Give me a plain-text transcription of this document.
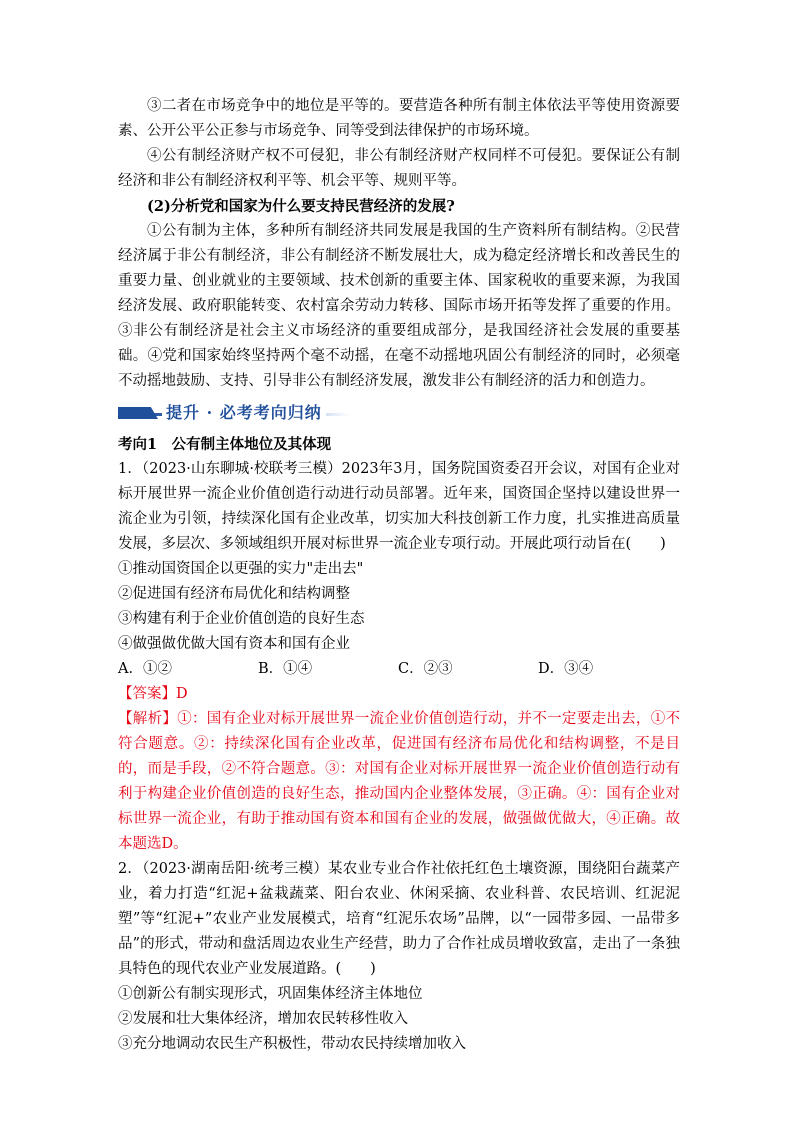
③二者在市场竞争中的地位是平等的。要营造各种所有制主体依法平等使用资源要素、公开公平公正参与市场竞争、同等受到法律保护的市场环境。

④公有制经济财产权不可侵犯，非公有制经济财产权同样不可侵犯。要保证公有制经济和非公有制经济权利平等、机会平等、规则平等。

(2)分析党和国家为什么要支持民营经济的发展?

①公有制为主体，多种所有制经济共同发展是我国的生产资料所有制结构。②民营经济属于非公有制经济，非公有制经济不断发展壮大，成为稳定经济增长和改善民生的重要力量、创业就业的主要领域、技术创新的重要主体、国家税收的重要来源，为我国经济发展、政府职能转变、农村富余劳动力转移、国际市场开拓等发挥了重要的作用。③非公有制经济是社会主义市场经济的重要组成部分，是我国经济社会发展的重要基础。④党和国家始终坚持两个毫不动摇，在毫不动摇地巩固公有制经济的同时，必须毫不动摇地鼓励、支持、引导非公有制经济发展，激发非公有制经济的活力和创造力。

提升 · 必考考向归纳

考向1　公有制主体地位及其体现

1．（2023·山东聊城·校联考三模）2023年3月，国务院国资委召开会议，对国有企业对标开展世界一流企业价值创造行动进行动员部署。近年来，国资国企坚持以建设世界一流企业为引领，持续深化国有企业改革，切实加大科技创新工作力度，扎实推进高质量发展，多层次、多领域组织开展对标世界一流企业专项行动。开展此项行动旨在(　　)

①推动国资国企以更强的实力"走出去"

②促进国有经济布局优化和结构调整

③构建有利于企业价值创造的良好生态

④做强做优做大国有资本和国有企业

A．①②	B．①④	C．②③	D．③④

【答案】D

【解析】①：国有企业对标开展世界一流企业价值创造行动，并不一定要走出去，①不符合题意。②：持续深化国有企业改革，促进国有经济布局优化和结构调整，不是目的，而是手段，②不符合题意。③：对国有企业对标开展世界一流企业价值创造行动有利于构建企业价值创造的良好生态，推动国内企业整体发展，③正确。④：国有企业对标世界一流企业，有助于推动国有资本和国有企业的发展，做强做优做大，④正确。故本题选D。

2．（2023·湖南岳阳·统考三模）某农业专业合作社依托红色土壤资源，围绕阳台蔬菜产业，着力打造“红泥+盆栽蔬菜、阳台农业、休闲采摘、农业科普、农民培训、红泥泥塑”等“红泥+”农业产业发展模式，培育“红泥乐农场”品牌，以“一园带多园、一品带多品”的形式，带动和盘活周边农业生产经营，助力了合作社成员增收致富，走出了一条独具特色的现代农业产业发展道路。(　　)

①创新公有制实现形式，巩固集体经济主体地位

②发展和壮大集体经济，增加农民转移性收入

③充分地调动农民生产积极性，带动农民持续增加收入
